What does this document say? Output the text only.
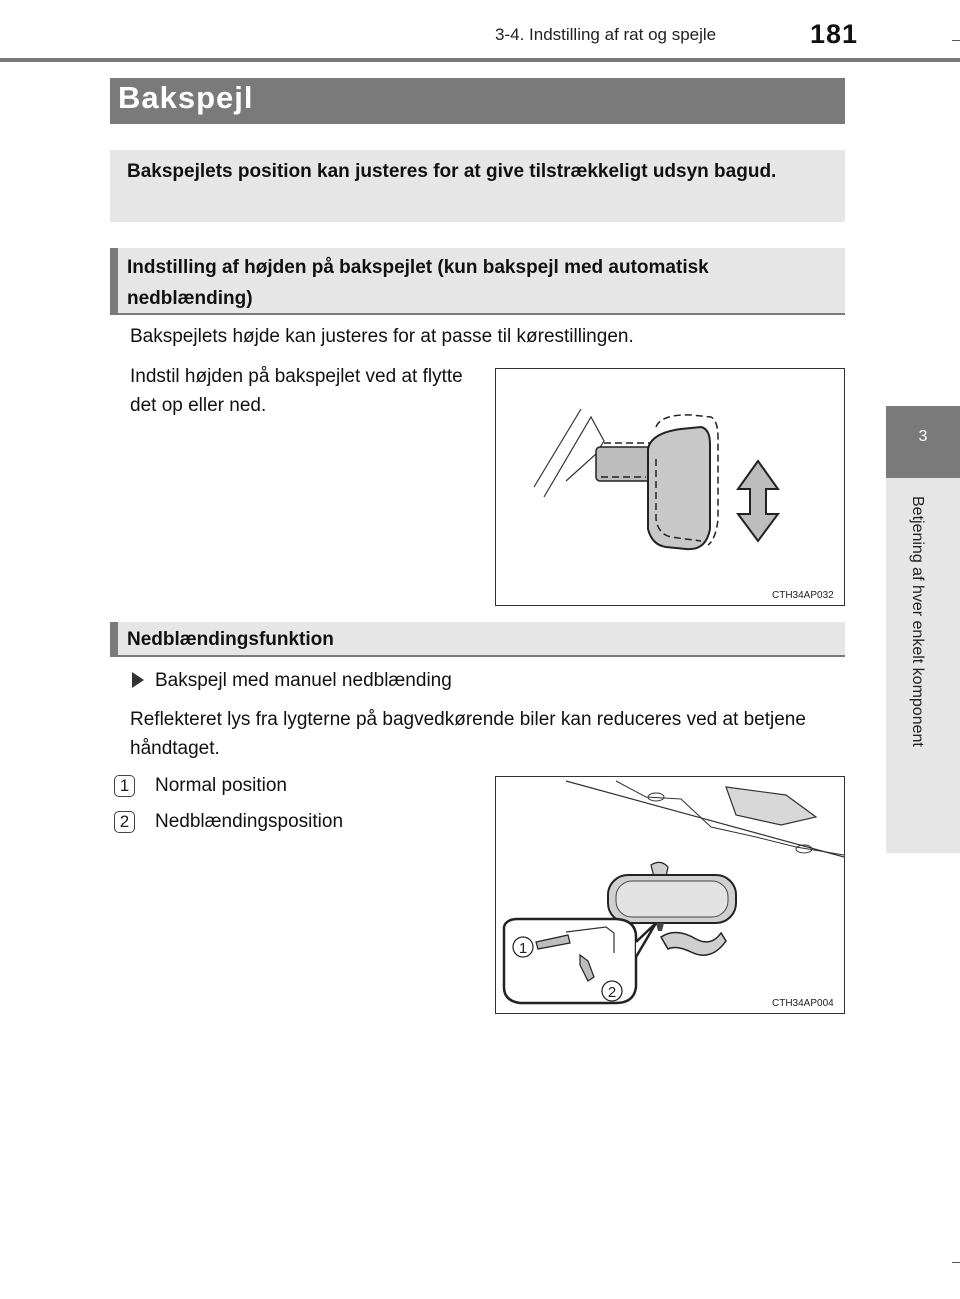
3-4. Indstilling af rat og spejle	181
3
Betjening af hver enkelt komponent
Bakspejl
Bakspejlets position kan justeres for at give tilstrækkeligt udsyn bagud.
Indstilling af højden på bakspejlet (kun bakspejl med automatisk nedblænding)
Bakspejlets højde kan justeres for at passe til kørestillingen.
Indstil højden på bakspejlet ved at flytte det op eller ned.
CTH34AP032
Nedblændingsfunktion
Bakspejl med manuel nedblænding
Reflekteret lys fra lygterne på bagvedkørende biler kan reduceres ved at betjene håndtaget.
1	Normal position
2	Nedblændingsposition
1
2
CTH34AP004
